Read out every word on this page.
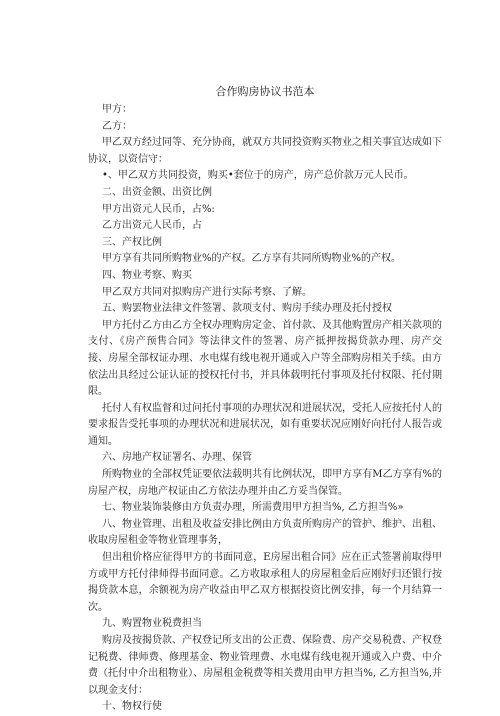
合作购房协议书范本

甲方：

乙方：

甲乙双方经过同等、充分协商，就双方共同投资购买物业之相关事宜达成如下协议，以资信守：

•、甲乙双方共同投资，购买•套位于的房产，房产总价款万元人民币。

二、出资金额、出资比例

甲方出资元人民币，占%:

乙方出资元人民币，占

三、产权比例

甲方享有共同所购物业%的产权。乙方享有共同所购物业%的产权。

四、物业考察、购买

甲乙双方共同对拟购房产进行实际考察、了解。

五、购罢物业法律文件签署、款项支付、购房手续办理及托付授权

甲方托付乙方由乙方全权办理购房定金、首付款、及其他购置房产相关款项的支付、《房产预售合同》等法律文件的签署、房产抵押按揭贷款办理、房产交接、房屋全部权证办理、水电煤有线电视开通或入户等全部购房相关手续。由方依法出具经过公证认证的授权托付书，并具体载明托付事项及托付权限、托付期限。

托付人有权监督和过问托付事项的办理状况和进展状况，受托人应按托付人的要求报告受托事项的办理状况和进展状况，如有重要状况应刚好向托付人报告或通知。

六、房地产权证署名、办理、保管

所购物业的全部权凭证要依法载明共有比例状况，即甲方享有M乙方享有%的房屋产权，房地产权证由乙方依法办理并由乙方妥当保管。

七、物业装饰装修由方负责办理，所需费用甲方担当%, 乙方担当%»

八、物业管理、出租及收益安排比例由方负责所购房产的管护、维护、出租、收取房屋租金等物业管理事务，

但出租价格应征得甲方的书面同意，E房屋出租合同》应在正式签署前取得甲方或甲方托付律师得书面同意。乙方收取承租人的房屋租金后应刚好归还银行按揭贷款本息，余额视为房产收益由甲乙双方根据投资比例安排，每一个月结算一次。

九、购置物业税费担当

购房及按揭贷款、产权登记所支出的公正费、保险费、房产交易税费、产权登记税费、律师费、修理基金、物业管理费、水电煤有线电视开通或入户费、中介费（托付中介出租物业）、房屋租金税费等相关费用由甲方担当%, 乙方担当%,并以现金支付：

十、物权行使
